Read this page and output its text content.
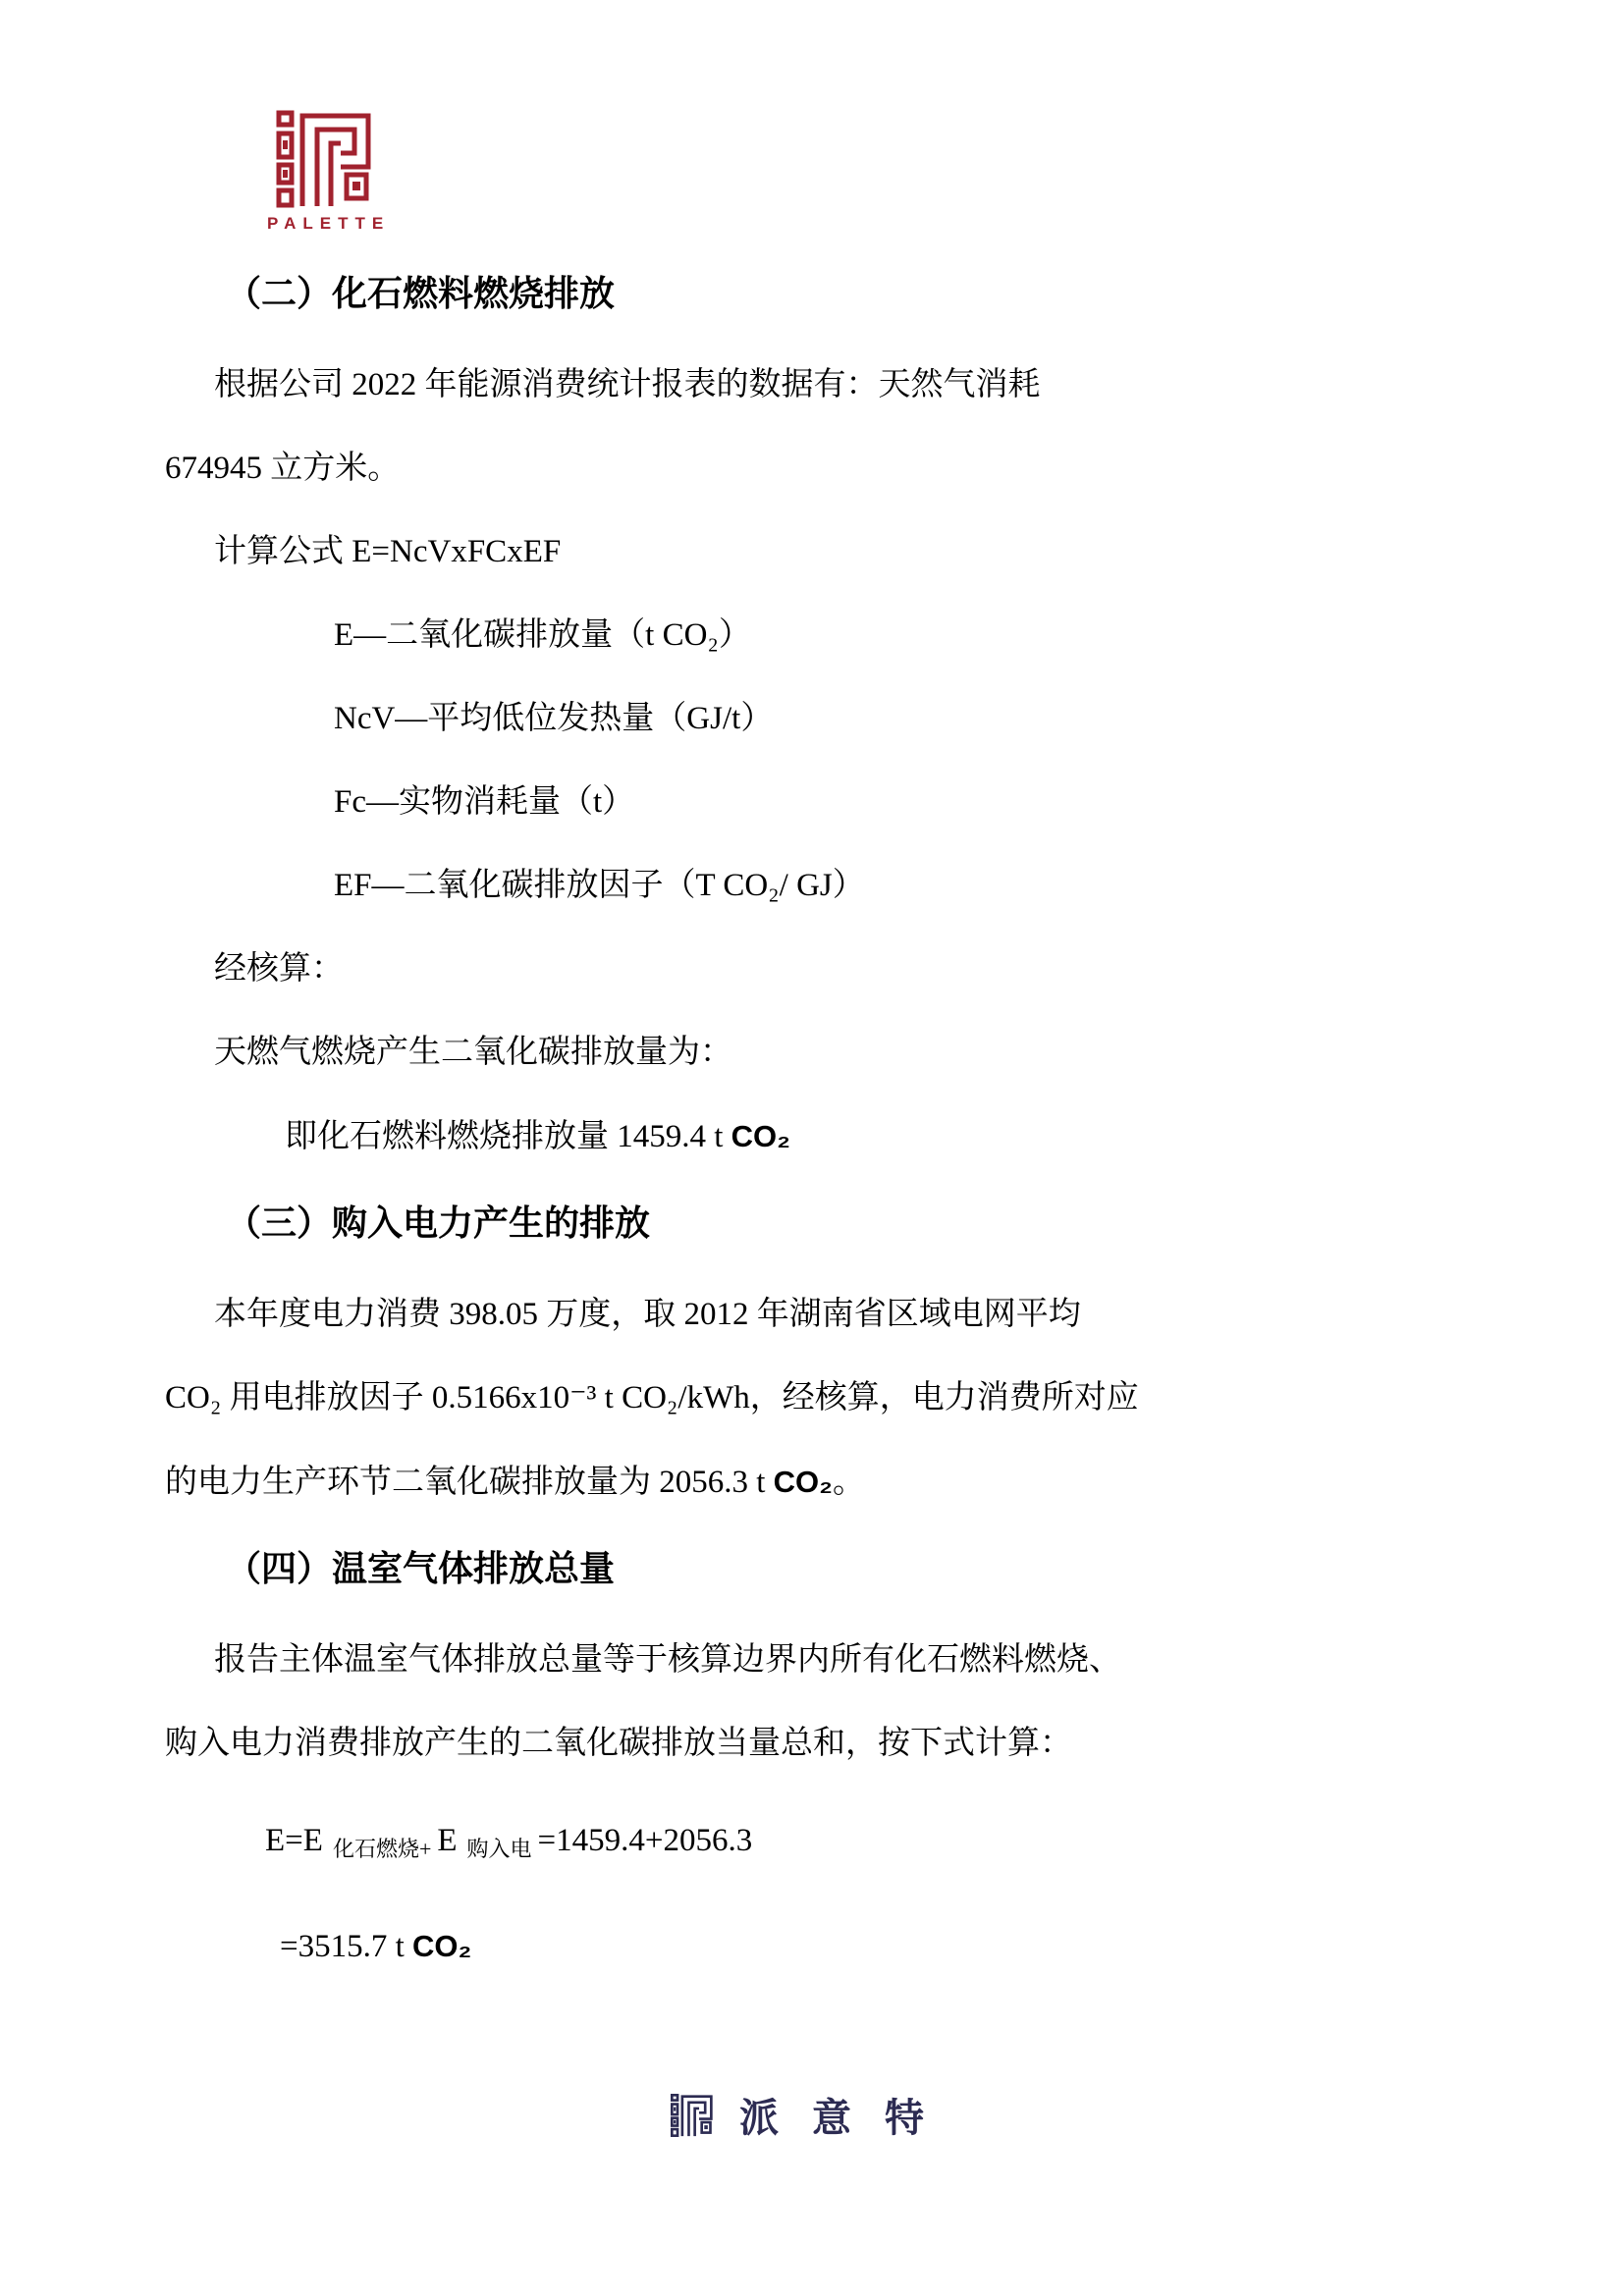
PALETTE

（二）化石燃料燃烧排放

根据公司 2022 年能源消费统计报表的数据有：天然气消耗

674945 立方米。

计算公式 E=NcVxFCxEF

E—二氧化碳排放量（t CO₂）

NcV—平均低位发热量（GJ/t）

Fc—实物消耗量（t）

EF—二氧化碳排放因子（T CO₂/ GJ）

经核算：

天燃气燃烧产生二氧化碳排放量为：

即化石燃料燃烧排放量 1459.4 t CO₂

（三）购入电力产生的排放

本年度电力消费 398.05 万度，取 2012 年湖南省区域电网平均

CO₂ 用电排放因子 0.5166x10⁻³ t CO₂/kWh，经核算，电力消费所对应

的电力生产环节二氧化碳排放量为 2056.3 t CO₂。

（四）温室气体排放总量

报告主体温室气体排放总量等于核算边界内所有化石燃料燃烧、

购入电力消费排放产生的二氧化碳排放当量总和，按下式计算：

E=E 化石燃烧+ E 购入电 =1459.4+2056.3

=3515.7 t CO₂

派意特
